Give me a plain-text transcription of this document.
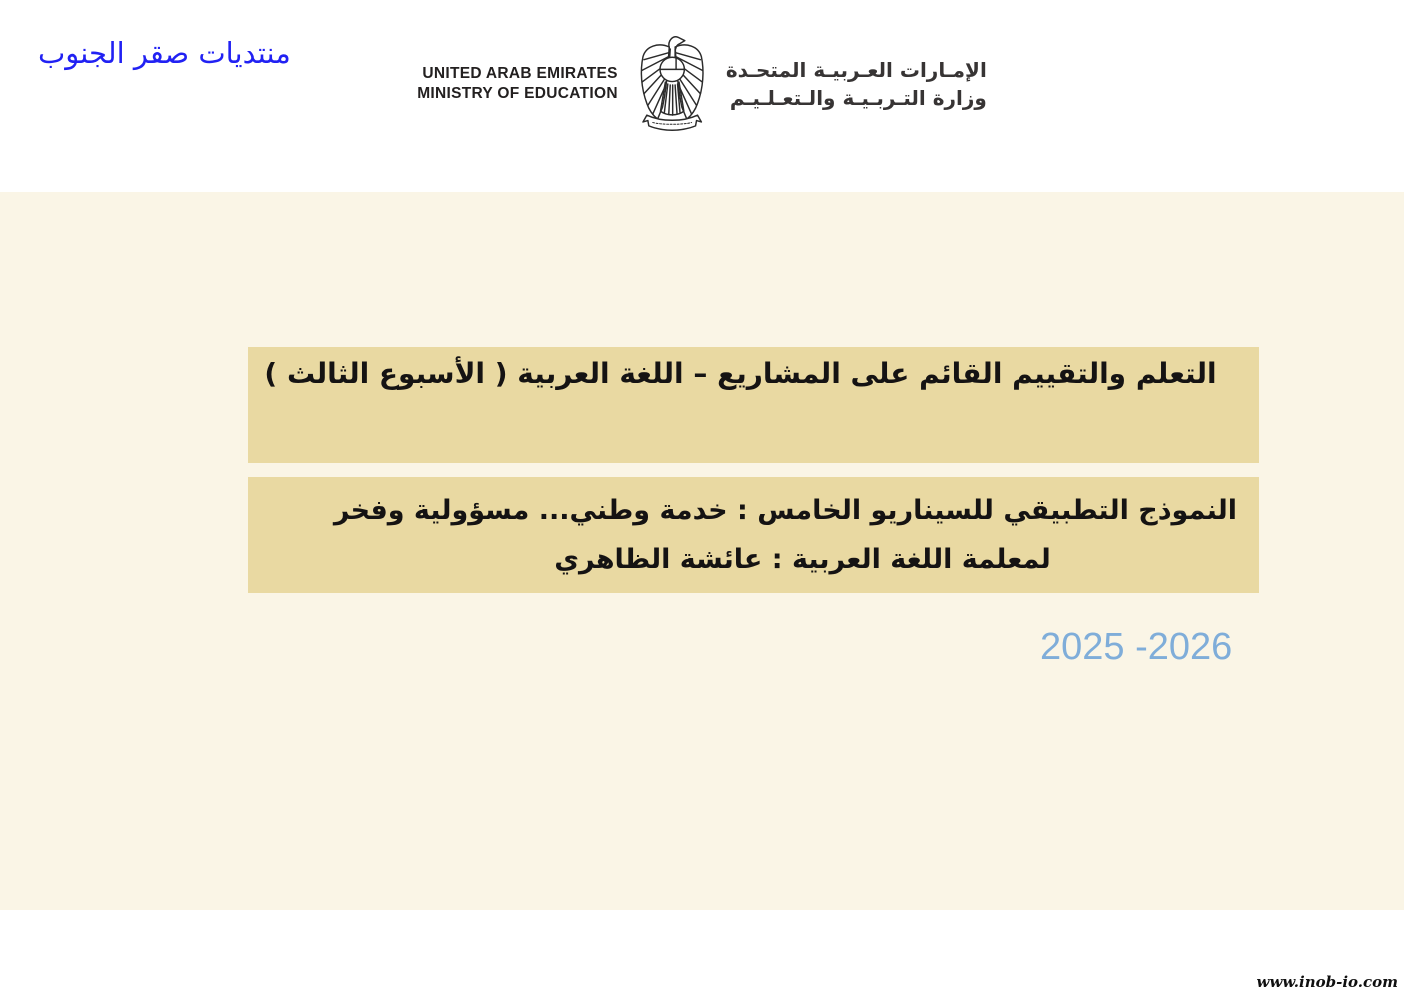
منتديات صقر الجنوب
UNITED ARAB EMIRATES
MINISTRY OF EDUCATION
الإمـارات العـربيـة المتحـدة
وزارة التـربـيـة والـتعـلـيـم
التعلم والتقييم القائم على المشاريع – اللغة العربية ( الأسبوع الثالث )
النموذج التطبيقي للسيناريو الخامس : خدمة وطني... مسؤولية وفخر
لمعلمة اللغة العربية : عائشة الظاهري
2025 -2026
www.inob-io.com
